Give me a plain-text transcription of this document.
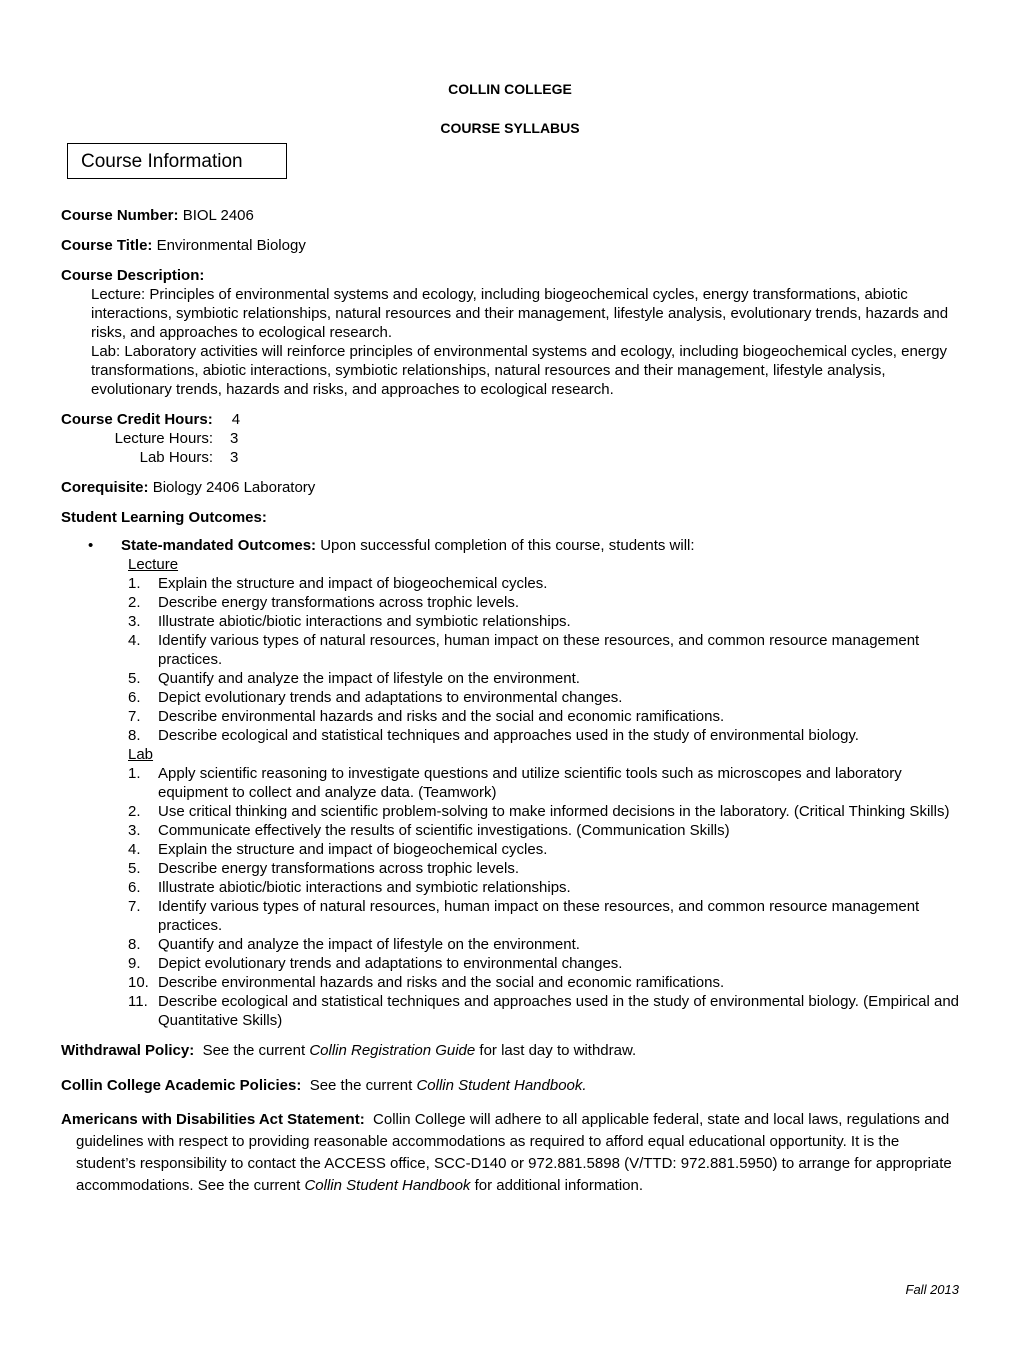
COLLIN COLLEGE
COURSE SYLLABUS
Course Information

Course Number: BIOL 2406

Course Title: Environmental Biology

Course Description:

Lecture: Principles of environmental systems and ecology, including biogeochemical cycles, energy transformations, abiotic interactions, symbiotic relationships, natural resources and their management, lifestyle analysis, evolutionary trends, hazards and risks, and approaches to ecological research.
Lab: Laboratory activities will reinforce principles of environmental systems and ecology, including biogeochemical cycles, energy transformations, abiotic interactions, symbiotic relationships, natural resources and their management, lifestyle analysis, evolutionary trends, hazards and risks, and approaches to ecological research.
Course Credit Hours: 4
Lecture Hours:	3
Lab Hours:	3

Corequisite: Biology 2406 Laboratory

Student Learning Outcomes:

• State-mandated Outcomes: Upon successful completion of this course, students will:
Lecture
1.	Explain the structure and impact of biogeochemical cycles.
2.	Describe energy transformations across trophic levels.
3.	Illustrate abiotic/biotic interactions and symbiotic relationships.
4.	Identify various types of natural resources, human impact on these resources, and common resource management practices.
5.	Quantify and analyze the impact of lifestyle on the environment.
6.	Depict evolutionary trends and adaptations to environmental changes.
7.	Describe environmental hazards and risks and the social and economic ramifications.
8.	Describe ecological and statistical techniques and approaches used in the study of environmental biology.
Lab
1.	Apply scientific reasoning to investigate questions and utilize scientific tools such as microscopes and laboratory equipment to collect and analyze data. (Teamwork)
2.	Use critical thinking and scientific problem-solving to make informed decisions in the laboratory. (Critical Thinking Skills)
3.	Communicate effectively the results of scientific investigations. (Communication Skills)
4.	Explain the structure and impact of biogeochemical cycles.
5.	Describe energy transformations across trophic levels.
6.	Illustrate abiotic/biotic interactions and symbiotic relationships.
7.	Identify various types of natural resources, human impact on these resources, and common resource management practices.
8.	Quantify and analyze the impact of lifestyle on the environment.
9.	Depict evolutionary trends and adaptations to environmental changes.
10. Describe environmental hazards and risks and the social and economic ramifications.
11. Describe ecological and statistical techniques and approaches used in the study of environmental biology. (Empirical and Quantitative Skills)

Withdrawal Policy: See the current Collin Registration Guide for last day to withdraw.

Collin College Academic Policies: See the current Collin Student Handbook.

Americans with Disabilities Act Statement: Collin College will adhere to all applicable federal, state and local laws, regulations and guidelines with respect to providing reasonable accommodations as required to afford equal educational opportunity. It is the student’s responsibility to contact the ACCESS office, SCC-D140 or 972.881.5898 (V/TTD: 972.881.5950) to arrange for appropriate accommodations. See the current Collin Student Handbook for additional information.
Fall 2013
